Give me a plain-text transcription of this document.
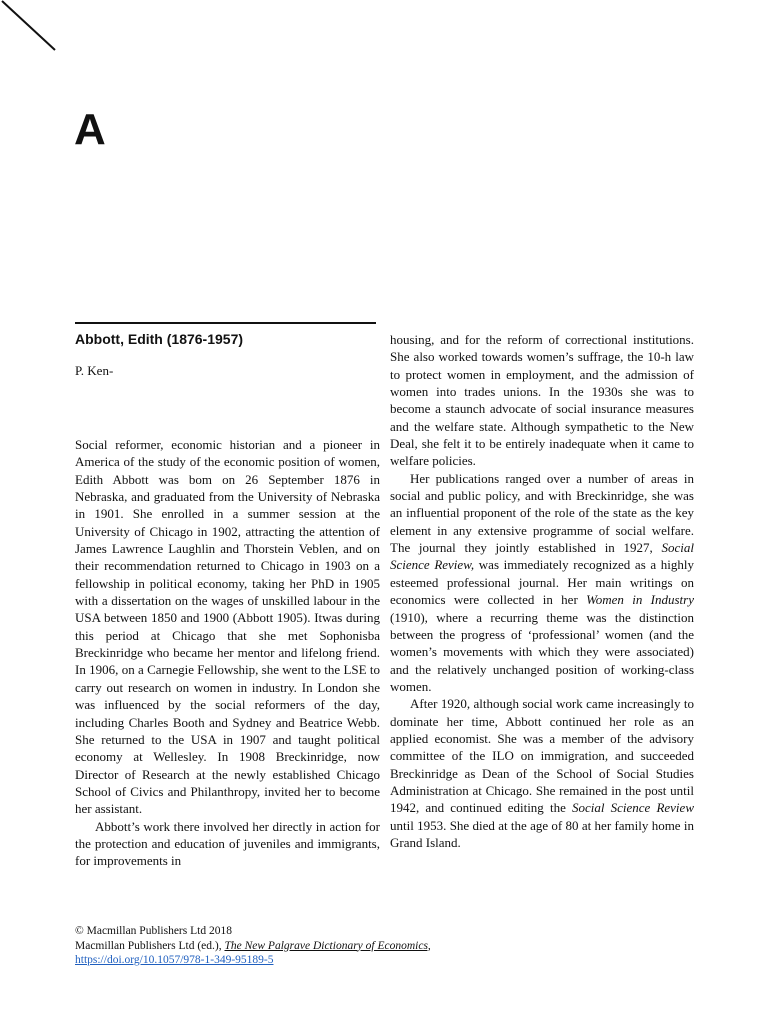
A
Abbott, Edith (1876-1957)
P. Ken-

Social reformer, economic historian and a pioneer in America of the study of the economic position of women, Edith Abbott was bom on 26 September 1876 in Nebraska, and graduated from the University of Nebraska in 1901. She enrolled in a summer session at the University of Chicago in 1902, attracting the attention of James Lawrence Laughlin and Thorstein Veblen, and on their recommendation returned to Chicago in 1903 on a fellowship in political economy, taking her PhD in 1905 with a dissertation on the wages of unskilled labour in the USA between 1850 and 1900 (Abbott 1905). Itwas during this period at Chicago that she met Sophonisba Breckinridge who became her mentor and lifelong friend. In 1906, on a Carnegie Fellowship, she went to the LSE to carry out research on women in industry. In London she was influenced by the social reformers of the day, including Charles Booth and Sydney and Beatrice Webb. She returned to the USA in 1907 and taught political economy at Wellesley. In 1908 Breckinridge, now Director of Research at the newly established Chicago School of Civics and Philanthropy, invited her to become her assistant.

Abbott’s work there involved her directly in action for the protection and education of juveniles and immigrants, for improvements in

housing, and for the reform of correctional institutions. She also worked towards women’s suffrage, the 10-h law to protect women in employment, and the admission of women into trades unions. In the 1930s she was to become a staunch advocate of social insurance measures and the welfare state. Although sympathetic to the New Deal, she felt it to be entirely inadequate when it came to welfare policies.

Her publications ranged over a number of areas in social and public policy, and with Breckinridge, she was an influential proponent of the role of the state as the key element in any extensive programme of social welfare. The journal they jointly established in 1927, Social Science Review, was immediately recognized as a highly esteemed professional journal. Her main writings on economics were collected in her Women in Industry (1910), where a recurring theme was the distinction between the progress of ‘professional’ women (and the women’s movements with which they were associated) and the relatively unchanged position of working-class women.

After 1920, although social work came increasingly to dominate her time, Abbott continued her role as an applied economist. She was a member of the advisory committee of the ILO on immigration, and succeeded Breckinridge as Dean of the School of Social Studies Administration at Chicago. She remained in the post until 1942, and continued editing the Social Science Review until 1953. She died at the age of 80 at her family home in Grand Island.

© Macmillan Publishers Ltd 2018
Macmillan Publishers Ltd (ed.), The New Palgrave Dictionary of Economics,
https://doi.org/10.1057/978-1-349-95189-5
